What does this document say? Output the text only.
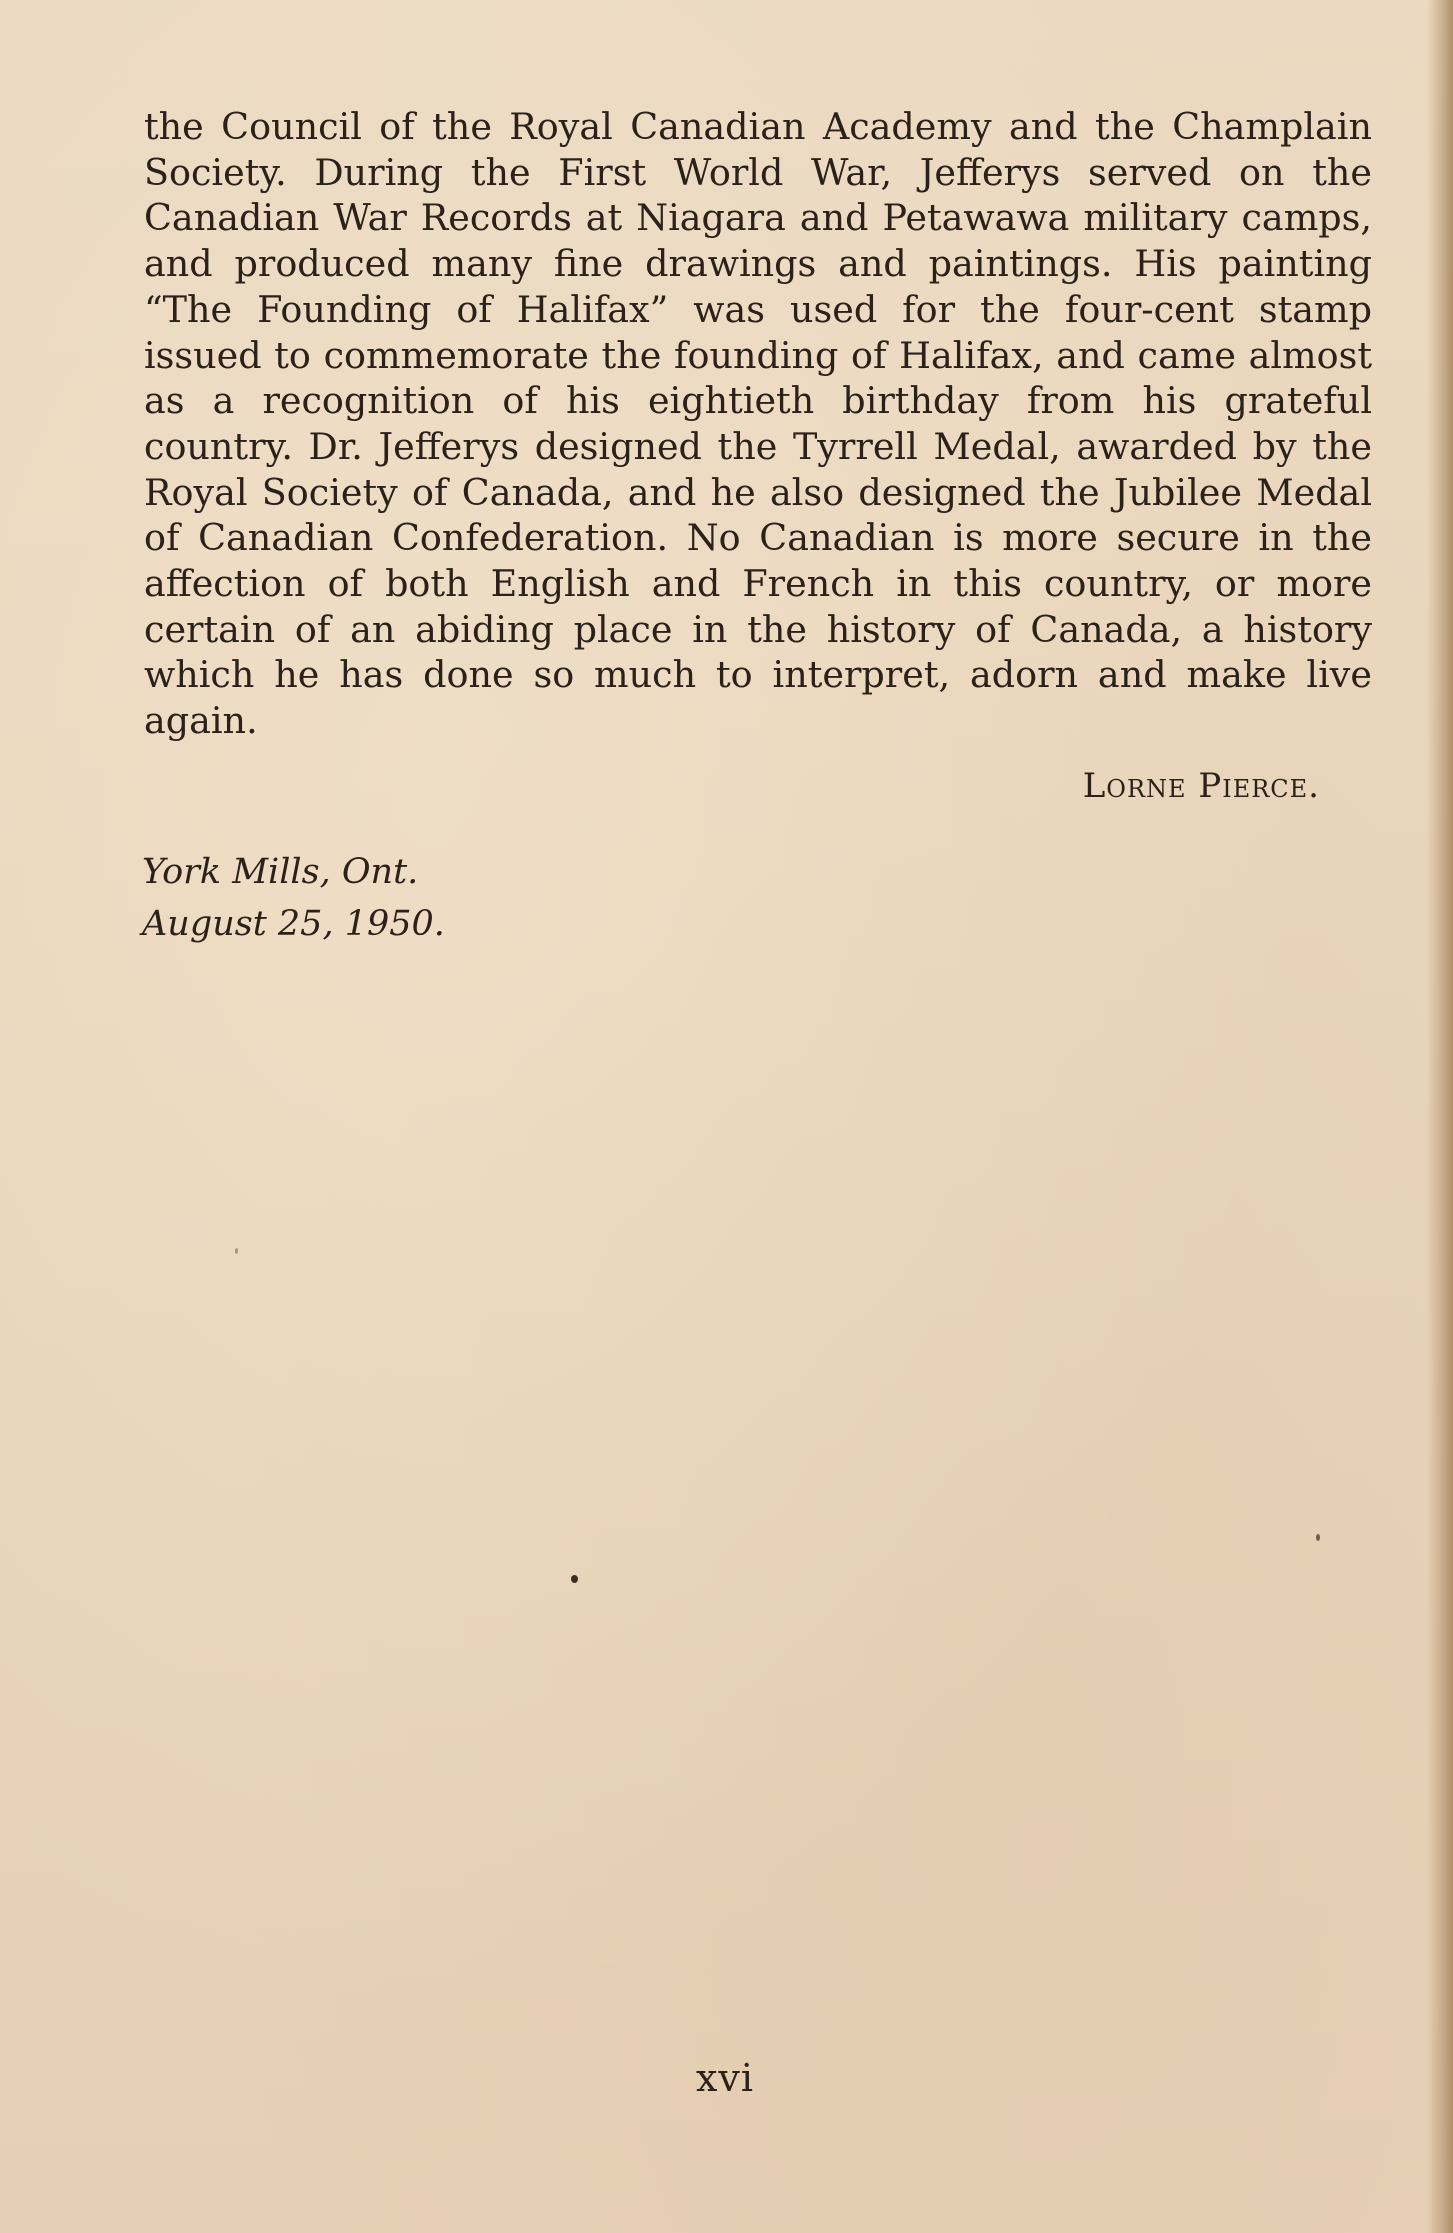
the Council of the Royal Canadian Academy and the Champlain Society. During the First World War, Jefferys served on the Canadian War Records at Niagara and Petawawa military camps, and produced many fine drawings and paintings. His painting “The Founding of Halifax” was used for the four-cent stamp issued to commemorate the founding of Halifax, and came almost as a recognition of his eightieth birthday from his grateful country. Dr. Jefferys designed the Tyrrell Medal, awarded by the Royal Society of Canada, and he also designed the Jubilee Medal of Canadian Confederation. No Canadian is more secure in the affection of both English and French in this country, or more certain of an abiding place in the history of Canada, a history which he has done so much to interpret, adorn and make live again.

Lorne Pierce.
York Mills, Ont.
August 25, 1950.
xvi
